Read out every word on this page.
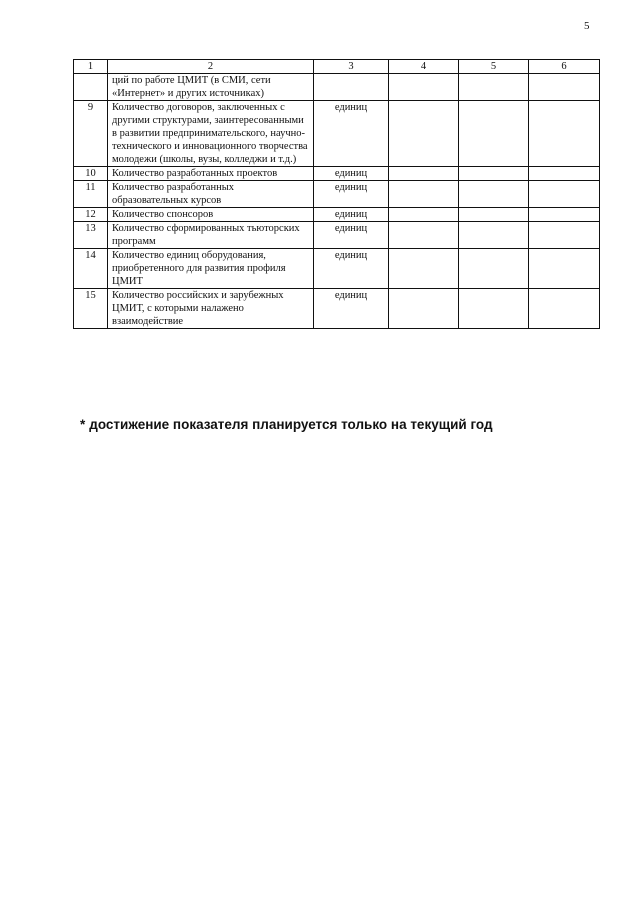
5
1	2	3	4	5	6
	ций по работе ЦМИТ (в СМИ, сети «Интернет» и других источниках)				
9	Количество договоров, заключенных с другими структурами, заинтересованными в развитии предпринимательского, научно-технического и инновационного творчества молодежи (школы, вузы, колледжи и т.д.)	единиц			
10	Количество разработанных проектов	единиц			
11	Количество разработанных образовательных курсов	единиц			
12	Количество спонсоров	единиц			
13	Количество сформированных тьюторских программ	единиц			
14	Количество единиц оборудования, приобретенного для развития профиля ЦМИТ	единиц			
15	Количество российских и зарубежных ЦМИТ, с которыми налажено взаимодействие	единиц			
* достижение показателя планируется только на текущий год
